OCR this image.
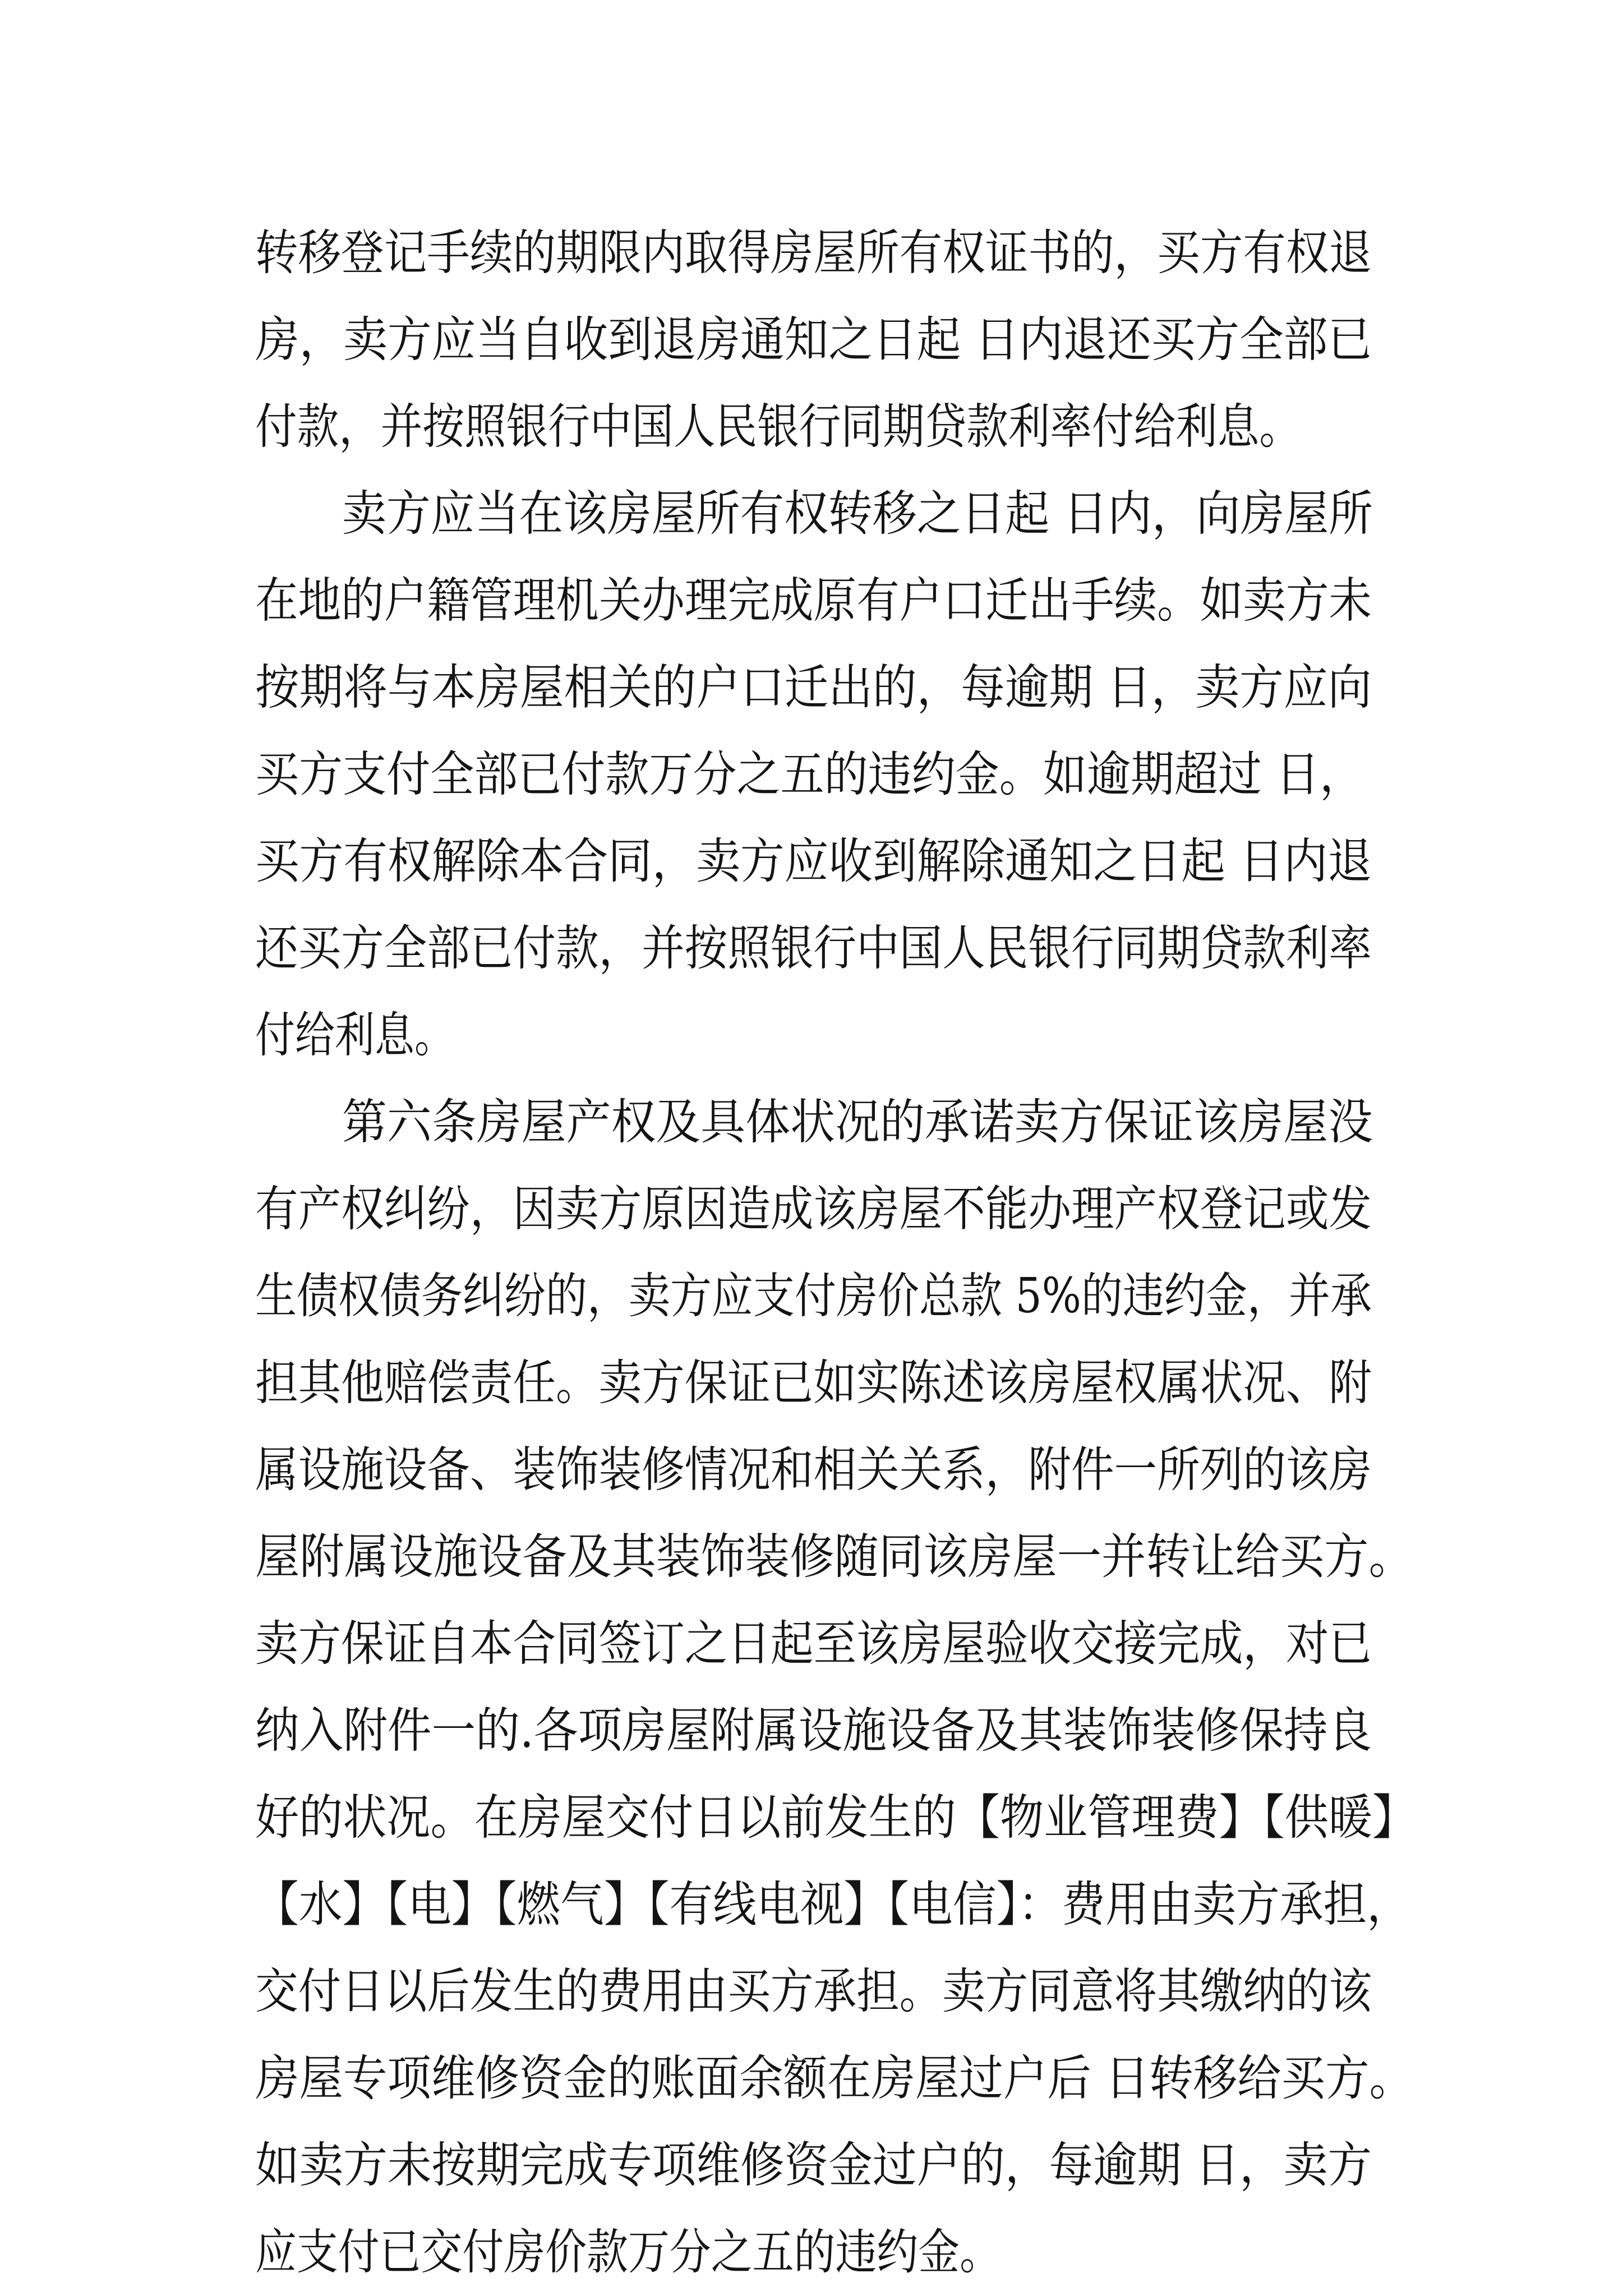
转移登记手续的期限内取得房屋所有权证书的，买方有权退
房，卖方应当自收到退房通知之日起 日内退还买方全部已
付款，并按照银行中国人民银行同期贷款利率付给利息。
卖方应当在该房屋所有权转移之日起 日内，向房屋所
在地的户籍管理机关办理完成原有户口迁出手续。如卖方未
按期将与本房屋相关的户口迁出的，每逾期 日，卖方应向
买方支付全部已付款万分之五的违约金。如逾期超过 日，
买方有权解除本合同，卖方应收到解除通知之日起 日内退
还买方全部已付款，并按照银行中国人民银行同期贷款利率
付给利息。
第六条房屋产权及具体状况的承诺卖方保证该房屋没
有产权纠纷，因卖方原因造成该房屋不能办理产权登记或发
生债权债务纠纷的，卖方应支付房价总款 5%的违约金，并承
担其他赔偿责任。卖方保证已如实陈述该房屋权属状况、附
属设施设备、装饰装修情况和相关关系，附件一所列的该房
屋附属设施设备及其装饰装修随同该房屋一并转让给买方。
卖方保证自本合同签订之日起至该房屋验收交接完成，对已
纳入附件一的.各项房屋附属设施设备及其装饰装修保持良
好的状况。在房屋交付日以前发生的【物业管理费】【供暖】
【水】【电】【燃气】【有线电视】【电信】：费用由卖方承担，
交付日以后发生的费用由买方承担。卖方同意将其缴纳的该
房屋专项维修资金的账面余额在房屋过户后 日转移给买方。
如卖方未按期完成专项维修资金过户的，每逾期 日，卖方
应支付已交付房价款万分之五的违约金。
